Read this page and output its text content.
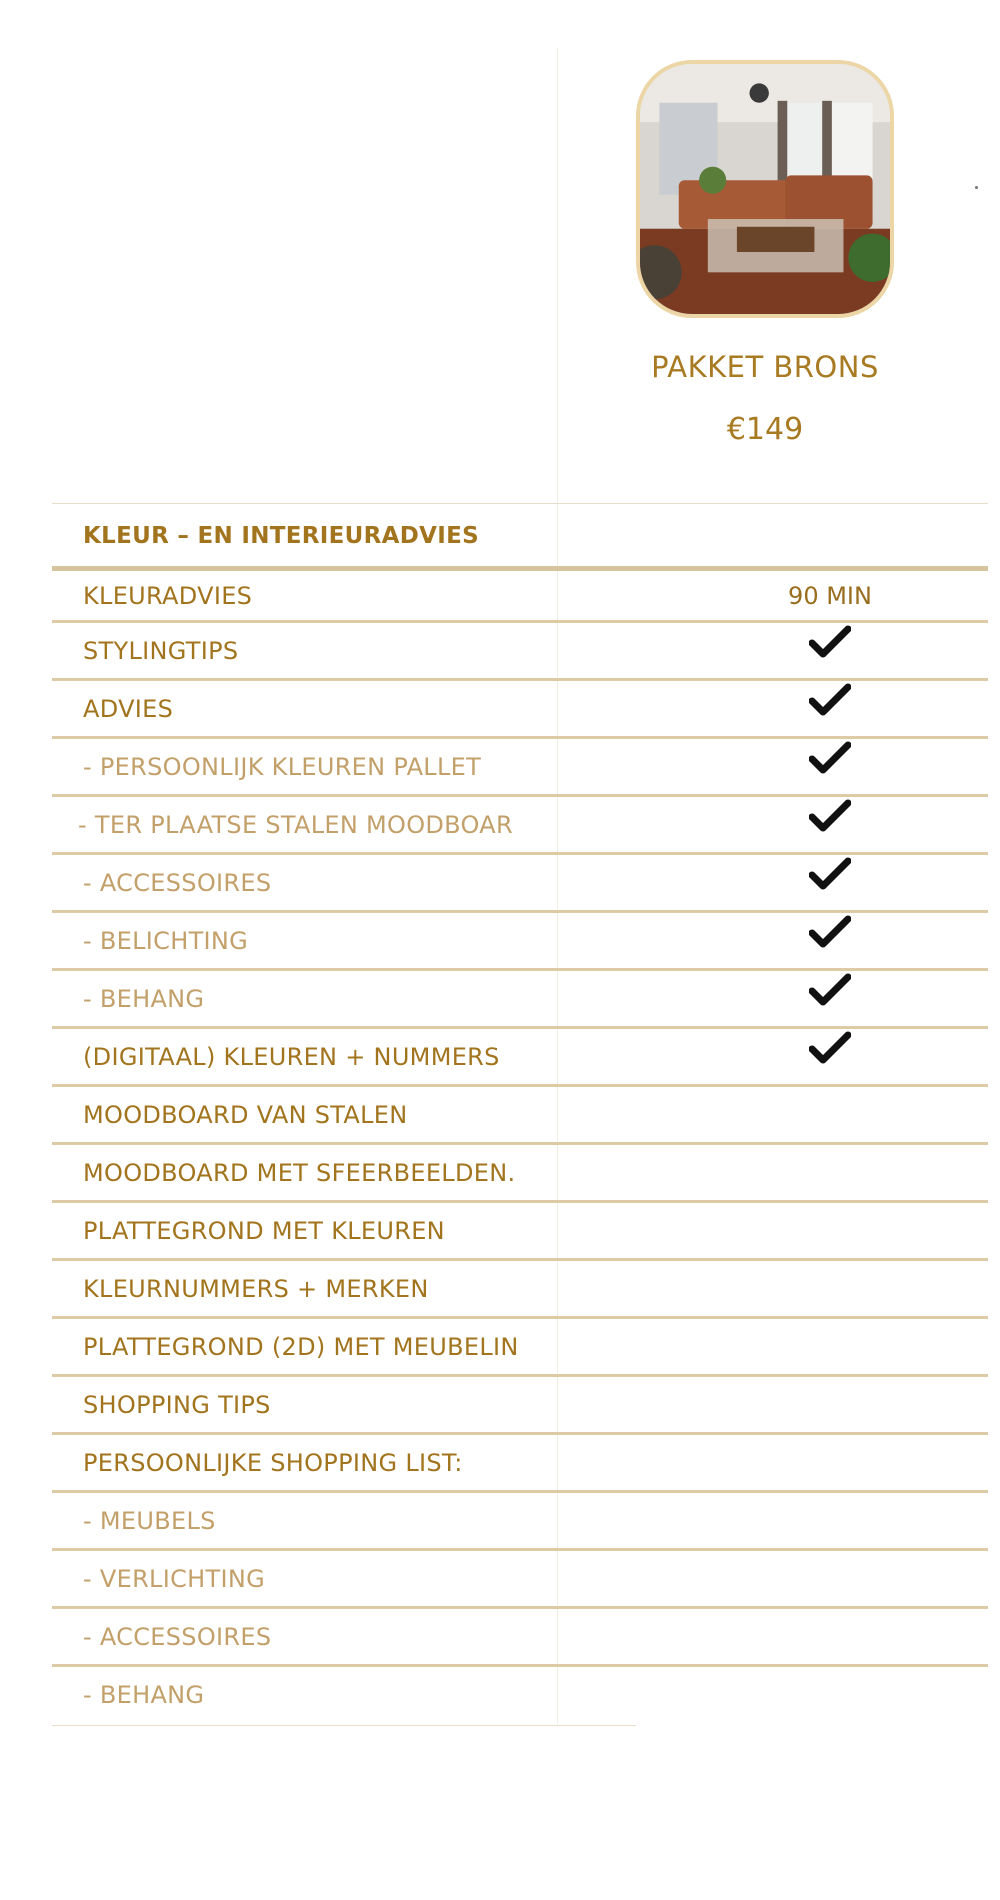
PAKKET BRONS
€149
KLEUR – EN INTERIEURADVIES
KLEURADVIES	90 MIN
STYLINGTIPS
ADVIES
- PERSOONLIJK KLEUREN PALLET
- TER PLAATSE STALEN MOODBOAR
- ACCESSOIRES
- BELICHTING
- BEHANG
(DIGITAAL) KLEUREN + NUMMERS
MOODBOARD VAN STALEN
MOODBOARD MET SFEERBEELDEN.
PLATTEGROND MET KLEUREN
KLEURNUMMERS + MERKEN
PLATTEGROND (2D) MET MEUBELIN
SHOPPING TIPS
PERSOONLIJKE SHOPPING LIST:
- MEUBELS
- VERLICHTING
- ACCESSOIRES
- BEHANG
